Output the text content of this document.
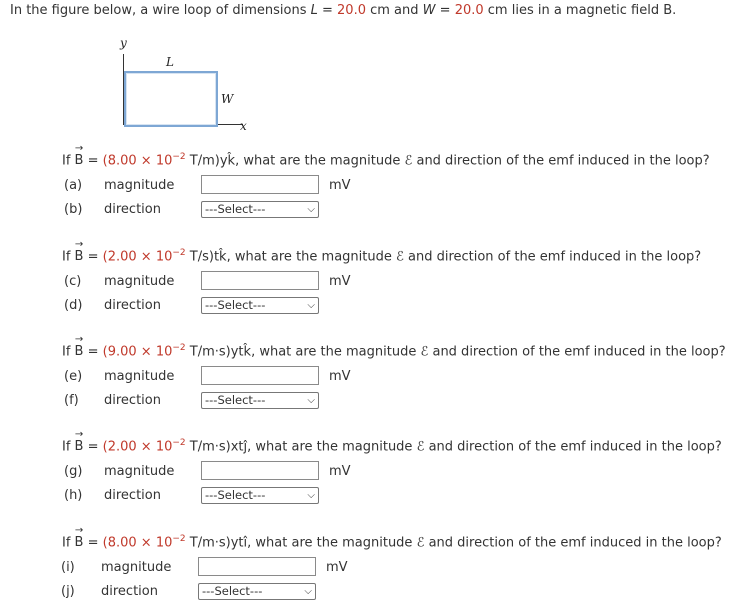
In the figure below, a wire loop of dimensions L = 20.0 cm and W = 20.0 cm lies in a magnetic field → B.
y
L
W
x
$If \to B = (8.00 \times 10^{-2}$ T/m)yk̂, what are the magnitude ℰ and direction of the emf induced in the loop?
(a) magnitude	mV
(b) direction	---Select---	⌵
$If \to B = (2.00 \times 10^{-2}$ T/s)tk̂, what are the magnitude ℰ and direction of the emf induced in the loop?
(c) magnitude	mV
(d) direction	---Select---	⌵
$If \to B = (9.00 \times 10^{-2}$ T/m·s)ytk̂, what are the magnitude ℰ and direction of the emf induced in the loop?
(e) magnitude	mV
(f) direction	---Select---	⌵
$If \to B = (2.00 \times 10^{-2}$ T/m·s)xtĵ, what are the magnitude ℰ and direction of the emf induced in the loop?
(g) magnitude	mV
(h) direction	---Select---	⌵
$If \to B = (8.00 \times 10^{-2}$ T/m·s)ytî, what are the magnitude ℰ and direction of the emf induced in the loop?
(i) magnitude	mV
(j) direction	---Select---	⌵
